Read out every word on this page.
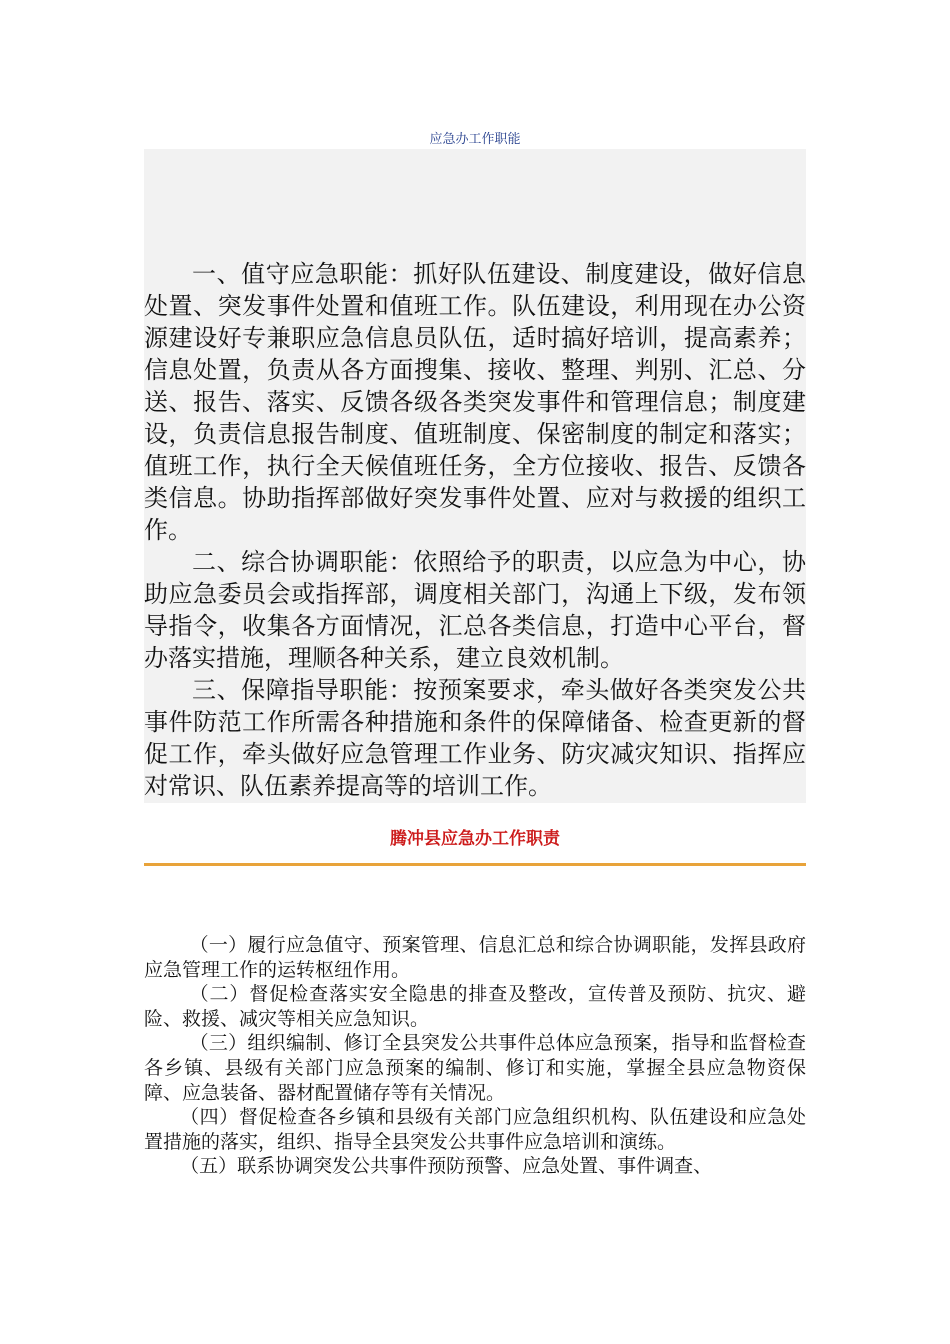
应急办工作职能

一、值守应急职能：抓好队伍建设、制度建设，做好信息处置、突发事件处置和值班工作。队伍建设，利用现在办公资源建设好专兼职应急信息员队伍，适时搞好培训，提高素养；信息处置，负责从各方面搜集、接收、整理、判别、汇总、分送、报告、落实、反馈各级各类突发事件和管理信息；制度建设，负责信息报告制度、值班制度、保密制度的制定和落实；值班工作，执行全天候值班任务，全方位接收、报告、反馈各类信息。协助指挥部做好突发事件处置、应对与救援的组织工作。

二、综合协调职能：依照给予的职责，以应急为中心，协助应急委员会或指挥部，调度相关部门，沟通上下级，发布领导指令，收集各方面情况，汇总各类信息，打造中心平台，督办落实措施，理顺各种关系，建立良效机制。

三、保障指导职能：按预案要求，牵头做好各类突发公共事件防范工作所需各种措施和条件的保障储备、检查更新的督促工作，牵头做好应急管理工作业务、防灾减灾知识、指挥应对常识、队伍素养提高等的培训工作。

腾冲县应急办工作职责

（一）履行应急值守、预案管理、信息汇总和综合协调职能，发挥县政府应急管理工作的运转枢纽作用。

（二）督促检查落实安全隐患的排查及整改，宣传普及预防、抗灾、避险、救援、减灾等相关应急知识。

（三）组织编制、修订全县突发公共事件总体应急预案，指导和监督检查各乡镇、县级有关部门应急预案的编制、修订和实施，掌握全县应急物资保障、应急装备、器材配置储存等有关情况。

（四）督促检查各乡镇和县级有关部门应急组织机构、队伍建设和应急处置措施的落实，组织、指导全县突发公共事件应急培训和演练。

（五）联系协调突发公共事件预防预警、应急处置、事件调查、
